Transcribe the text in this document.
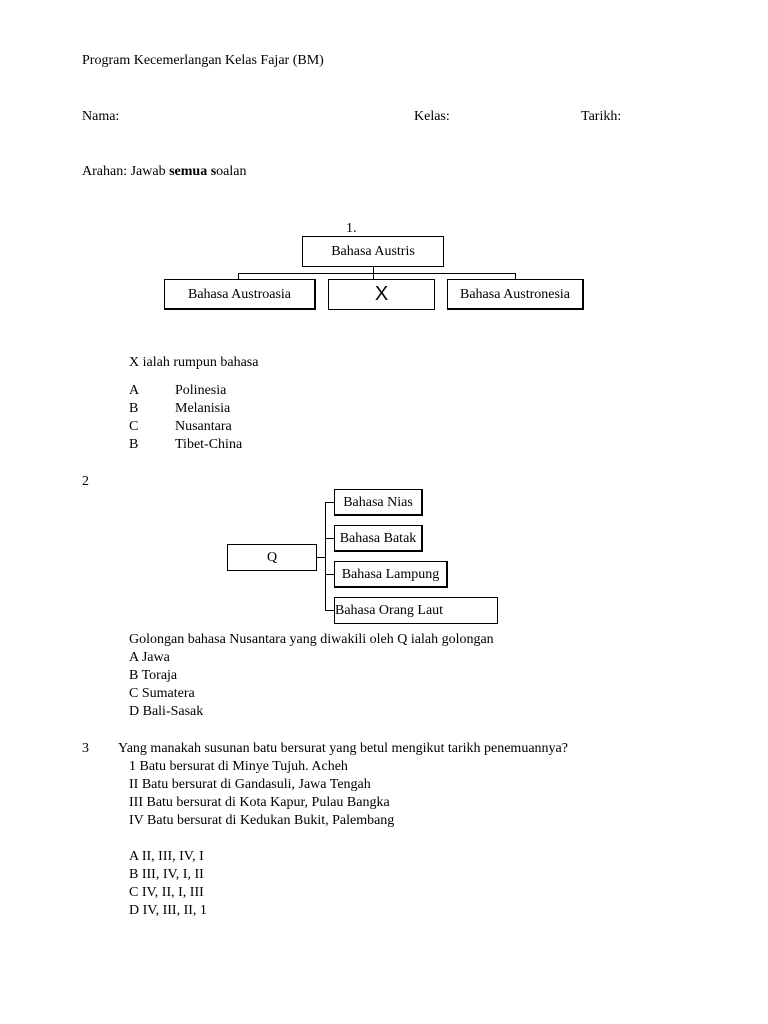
Program Kecemerlangan Kelas Fajar (BM)
Nama:	Kelas:	Tarikh:
Arahan: Jawab semua soalan
1.
Bahasa Austris
Bahasa Austroasia	X	Bahasa Austronesia
X ialah rumpun bahasa
A	Polinesia
B	Melanisia
C	Nusantara
B	Tibet-China
2
Q
Bahasa Nias
Bahasa Batak
Bahasa Lampung
Bahasa Orang Laut
Golongan bahasa Nusantara yang diwakili oleh Q ialah golongan
A Jawa
B Toraja
C Sumatera
D Bali-Sasak
3 Yang manakah susunan batu bersurat yang betul mengikut tarikh penemuannya?
1 Batu bersurat di Minye Tujuh. Acheh
II Batu bersurat di Gandasuli, Jawa Tengah
III Batu bersurat di Kota Kapur, Pulau Bangka
IV Batu bersurat di Kedukan Bukit, Palembang
A II, III, IV, I
B III, IV, I, II
C IV, II, I, III
D IV, III, II, 1
